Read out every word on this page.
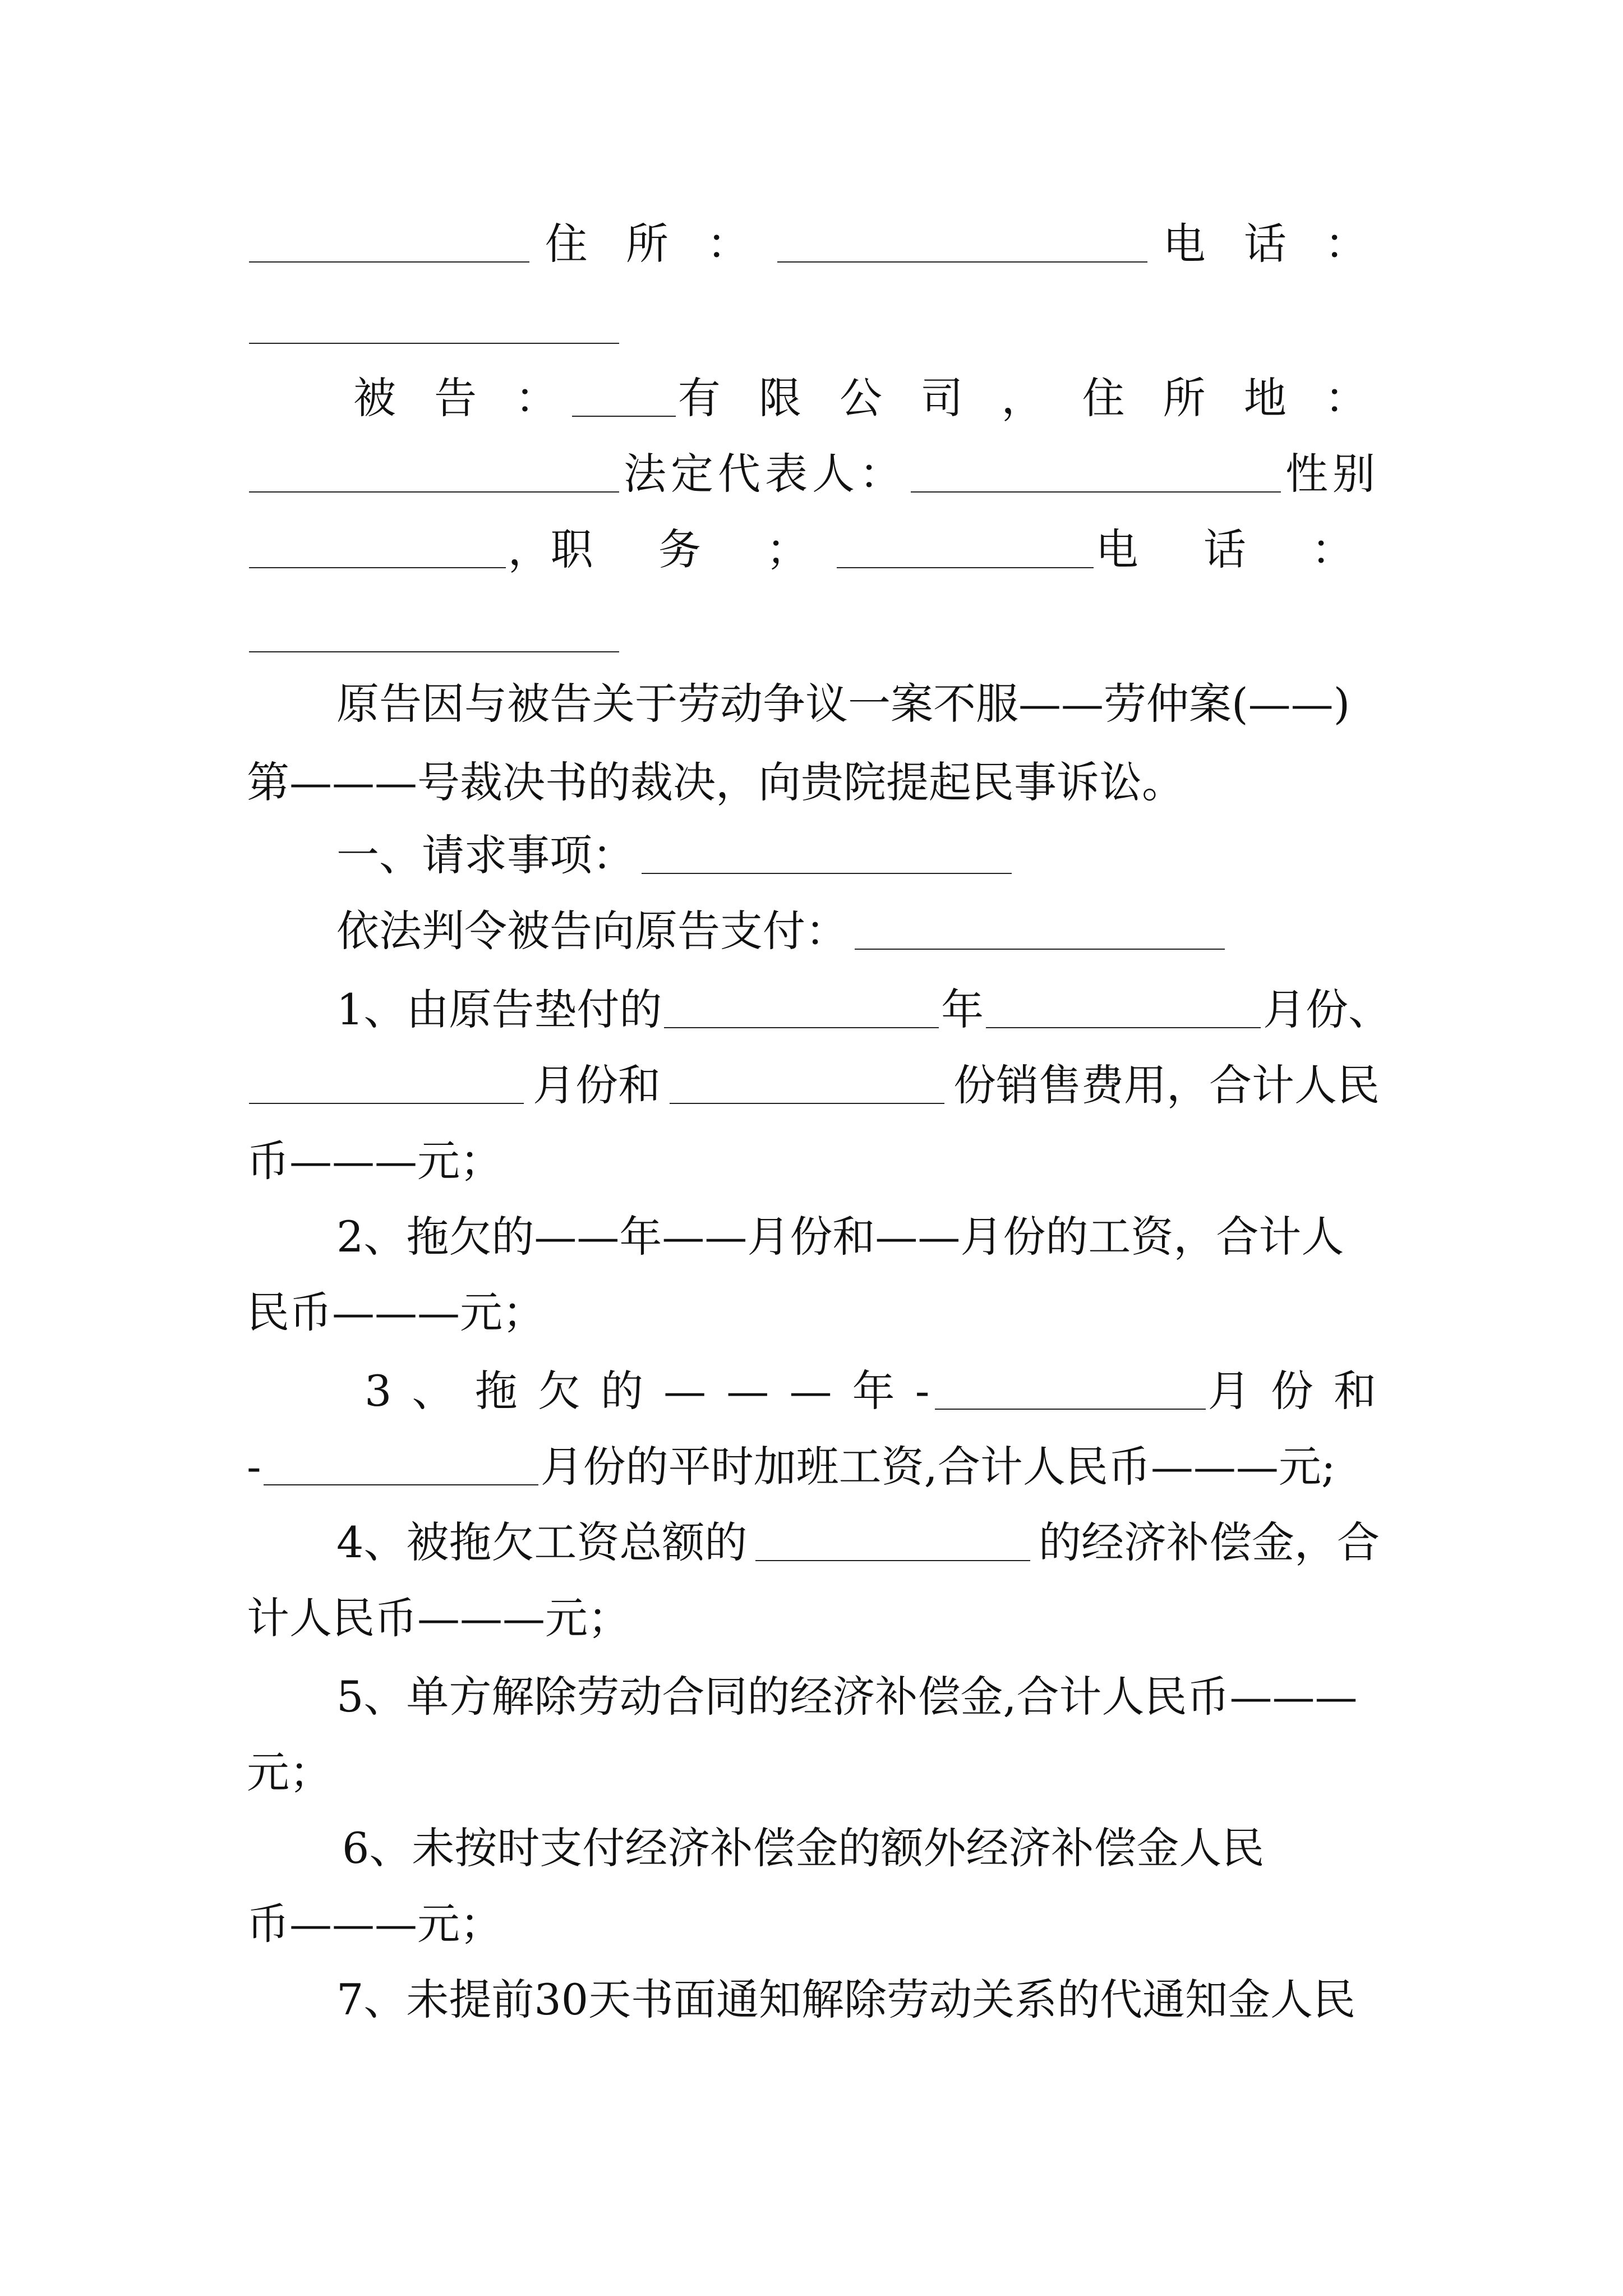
住 所 ：	电 话 ：
被 告 ：	有 限 公 司 ， 住 所 地 ：
法定代表人：	性别
， 职 务 ；	电 话 ：
原告因与被告关于劳动争议一案不服——劳仲案(——)
第———号裁决书的裁决，向贵院提起民事诉讼。
一、请求事项：
依法判令被告向原告支付：
1、由原告垫付的	年	月份、
月份和	份销售费用，合计人民
币———元；
2、拖欠的——年——月份和——月份的工资，合计人
民币———元；
3 、 拖 欠 的 — — — 年 -	月 份 和
-	月份的平时加班工资,合计人民币———元;
4、被拖欠工资总额的	的经济补偿金，合
计人民币———元；
5、单方解除劳动合同的经济补偿金,合计人民币———
元；
6、未按时支付经济补偿金的额外经济补偿金人民
币———元；
7、未提前30天书面通知解除劳动关系的代通知金人民
